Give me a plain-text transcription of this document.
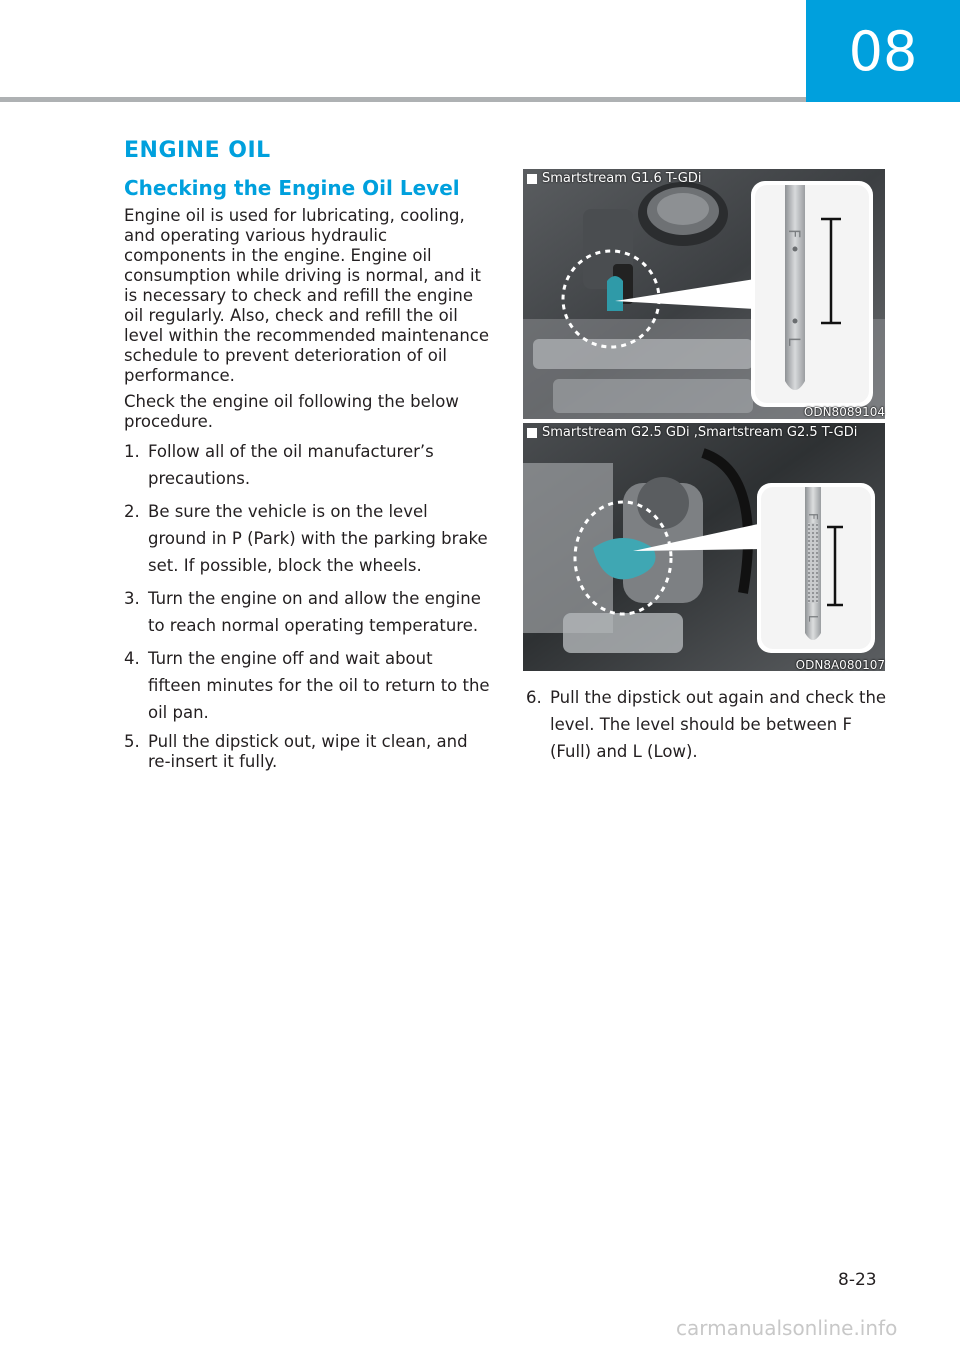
08
ENGINE OIL
Checking the Engine Oil Level

Engine oil is used for lubricating, cooling, and operating various hydraulic components in the engine. Engine oil consumption while driving is normal, and it is necessary to check and refill the engine oil regularly. Also, check and refill the oil level within the recommended maintenance schedule to prevent deterioration of oil performance.

Check the engine oil following the below procedure.

1. Follow all of the oil manufacturer’s precautions.
2. Be sure the vehicle is on the level ground in P (Park) with the parking brake set. If possible, block the wheels.
3. Turn the engine on and allow the engine to reach normal operating temperature.
4. Turn the engine off and wait about fifteen minutes for the oil to return to the oil pan.
5. Pull the dipstick out, wipe it clean, and re-insert it fully.
F
L
Smartstream G1.6 T-GDi
ODN8089104
F
L
Smartstream G2.5 GDi ,Smartstream G2.5 T-GDi
ODN8A080107
6. Pull the dipstick out again and check the level. The level should be between F (Full) and L (Low).
8-23
carmanualsonline.info
